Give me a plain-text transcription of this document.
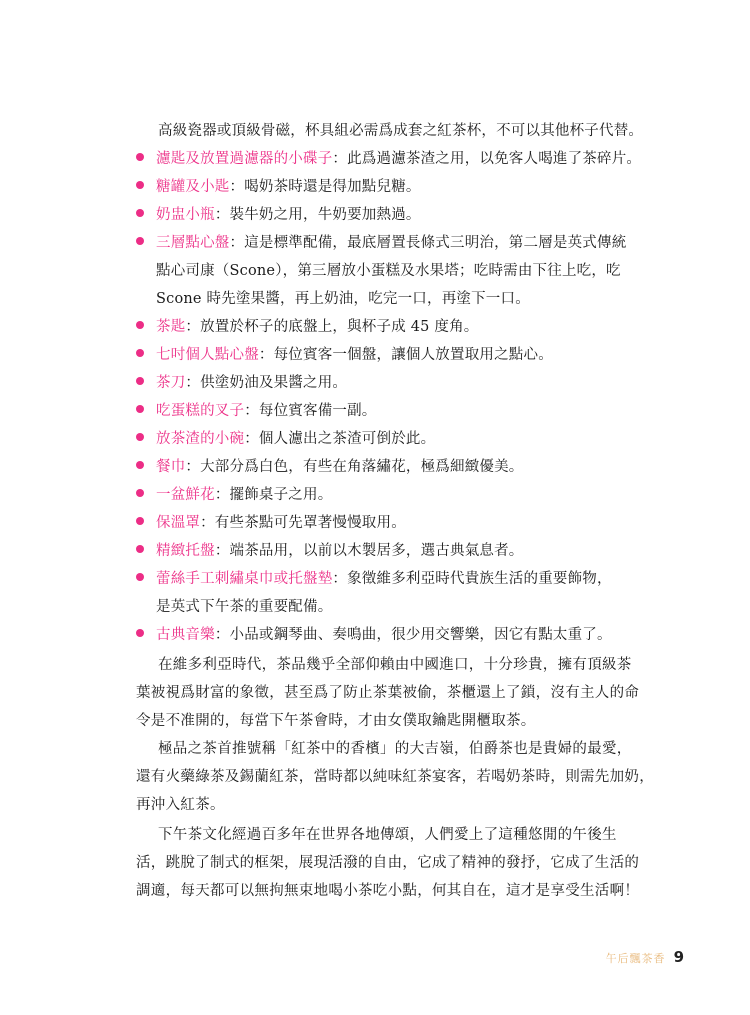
高級瓷器或頂級骨磁，杯具組必需爲成套之紅茶杯，不可以其他杯子代替。
濾匙及放置過濾器的小碟子：此爲過濾茶渣之用，以免客人喝進了茶碎片。
糖罐及小匙：喝奶茶時還是得加點兒糖。
奶盅小瓶：裝牛奶之用，牛奶要加熱過。
三層點心盤：這是標準配備，最底層置長條式三明治，第二層是英式傳統
點心司康（Scone），第三層放小蛋糕及水果塔；吃時需由下往上吃，吃
Scone 時先塗果醬，再上奶油，吃完一口，再塗下一口。
茶匙：放置於杯子的底盤上，與杯子成 45 度角。
七吋個人點心盤：每位賓客一個盤，讓個人放置取用之點心。
茶刀：供塗奶油及果醬之用。
吃蛋糕的叉子：每位賓客備一副。
放茶渣的小碗：個人濾出之茶渣可倒於此。
餐巾：大部分爲白色，有些在角落繡花，極爲細緻優美。
一盆鮮花：擺飾桌子之用。
保溫罩：有些茶點可先罩著慢慢取用。
精緻托盤：端茶品用，以前以木製居多，選古典氣息者。
蕾絲手工刺繡桌巾或托盤墊：象徵維多利亞時代貴族生活的重要飾物，
是英式下午茶的重要配備。
古典音樂：小品或鋼琴曲、奏鳴曲，很少用交響樂，因它有點太重了。
在維多利亞時代，茶品幾乎全部仰賴由中國進口，十分珍貴，擁有頂級茶
葉被視爲財富的象徵，甚至爲了防止茶葉被偷，茶櫃還上了鎖，沒有主人的命
令是不准開的，每當下午茶會時，才由女僕取鑰匙開櫃取茶。
極品之茶首推號稱「紅茶中的香檳」的大吉嶺，伯爵茶也是貴婦的最愛，
還有火藥綠茶及錫蘭紅茶，當時都以純味紅茶宴客，若喝奶茶時，則需先加奶，
再沖入紅茶。
下午茶文化經過百多年在世界各地傳頌，人們愛上了這種悠閒的午後生
活，跳脫了制式的框架，展現活潑的自由，它成了精神的發抒，它成了生活的
調適，每天都可以無拘無束地喝小茶吃小點，何其自在，這才是享受生活啊！
午后飄茶香 9
